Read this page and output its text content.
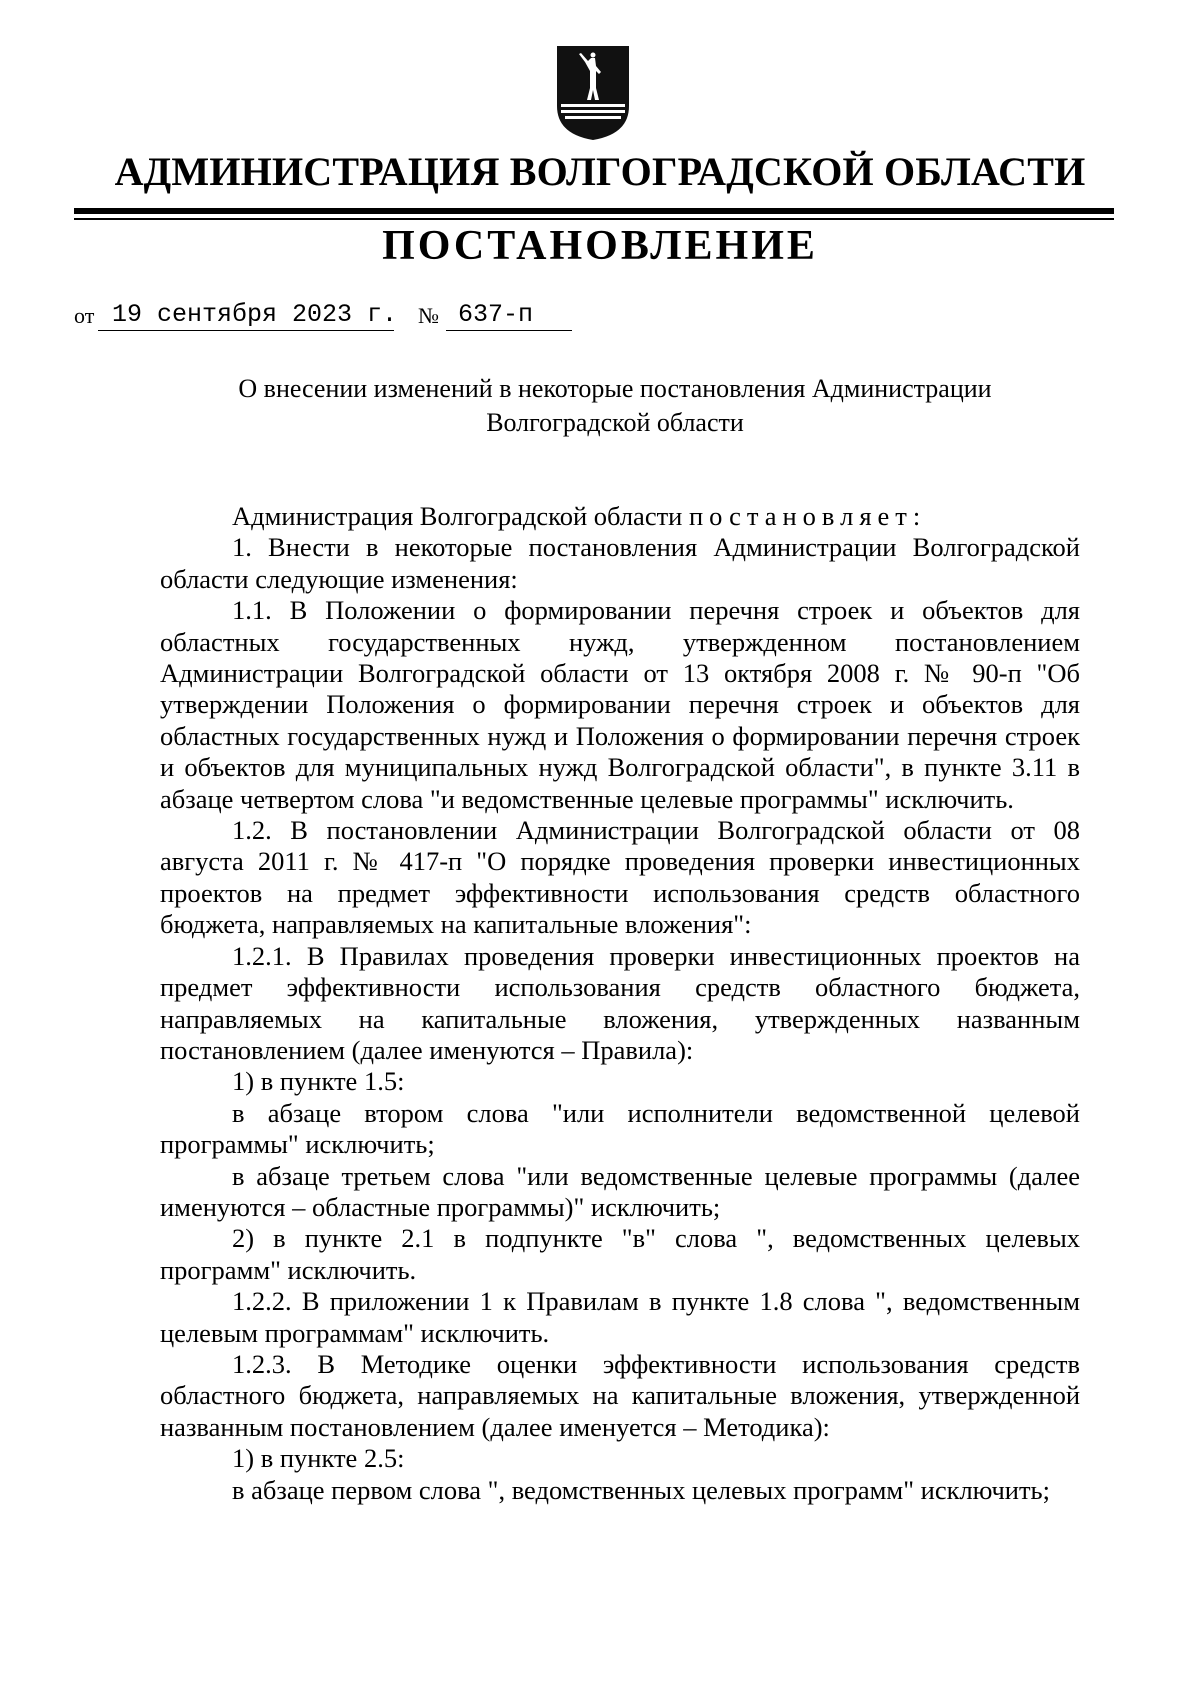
АДМИНИСТРАЦИЯ ВОЛГОГРАДСКОЙ ОБЛАСТИ
ПОСТАНОВЛЕНИЕ
от 19 сентября 2023 г. № 637-п
О внесении изменений в некоторые постановления Администрации
Волгоградской области

Администрация Волгоградской области постановляет:

1. Внести в некоторые постановления Администрации Волгоградской области следующие изменения:

1.1. В Положении о формировании перечня строек и объектов для областных государственных нужд, утвержденном постановлением Администрации Волгоградской области от 13 октября 2008 г. № 90-п "Об утверждении Положения о формировании перечня строек и объектов для областных государственных нужд и Положения о формировании перечня строек и объектов для муниципальных нужд Волгоградской области", в пункте 3.11 в абзаце четвертом слова "и ведомственные целевые программы" исключить.

1.2. В постановлении Администрации Волгоградской области от 08 августа 2011 г. № 417-п "О порядке проведения проверки инвестиционных проектов на предмет эффективности использования средств областного бюджета, направляемых на капитальные вложения":

1.2.1. В Правилах проведения проверки инвестиционных проектов на предмет эффективности использования средств областного бюджета, направляемых на капитальные вложения, утвержденных названным постановлением (далее именуются – Правила):

1) в пункте 1.5:

в абзаце втором слова "или исполнители ведомственной целевой программы" исключить;

в абзаце третьем слова "или ведомственные целевые программы (далее именуются – областные программы)" исключить;

2) в пункте 2.1 в подпункте "в" слова ", ведомственных целевых программ" исключить.

1.2.2. В приложении 1 к Правилам в пункте 1.8 слова ", ведомственным целевым программам" исключить.

1.2.3. В Методике оценки эффективности использования средств областного бюджета, направляемых на капитальные вложения, утвержденной названным постановлением (далее именуется – Методика):

1) в пункте 2.5:

в абзаце первом слова ", ведомственных целевых программ" исключить;
